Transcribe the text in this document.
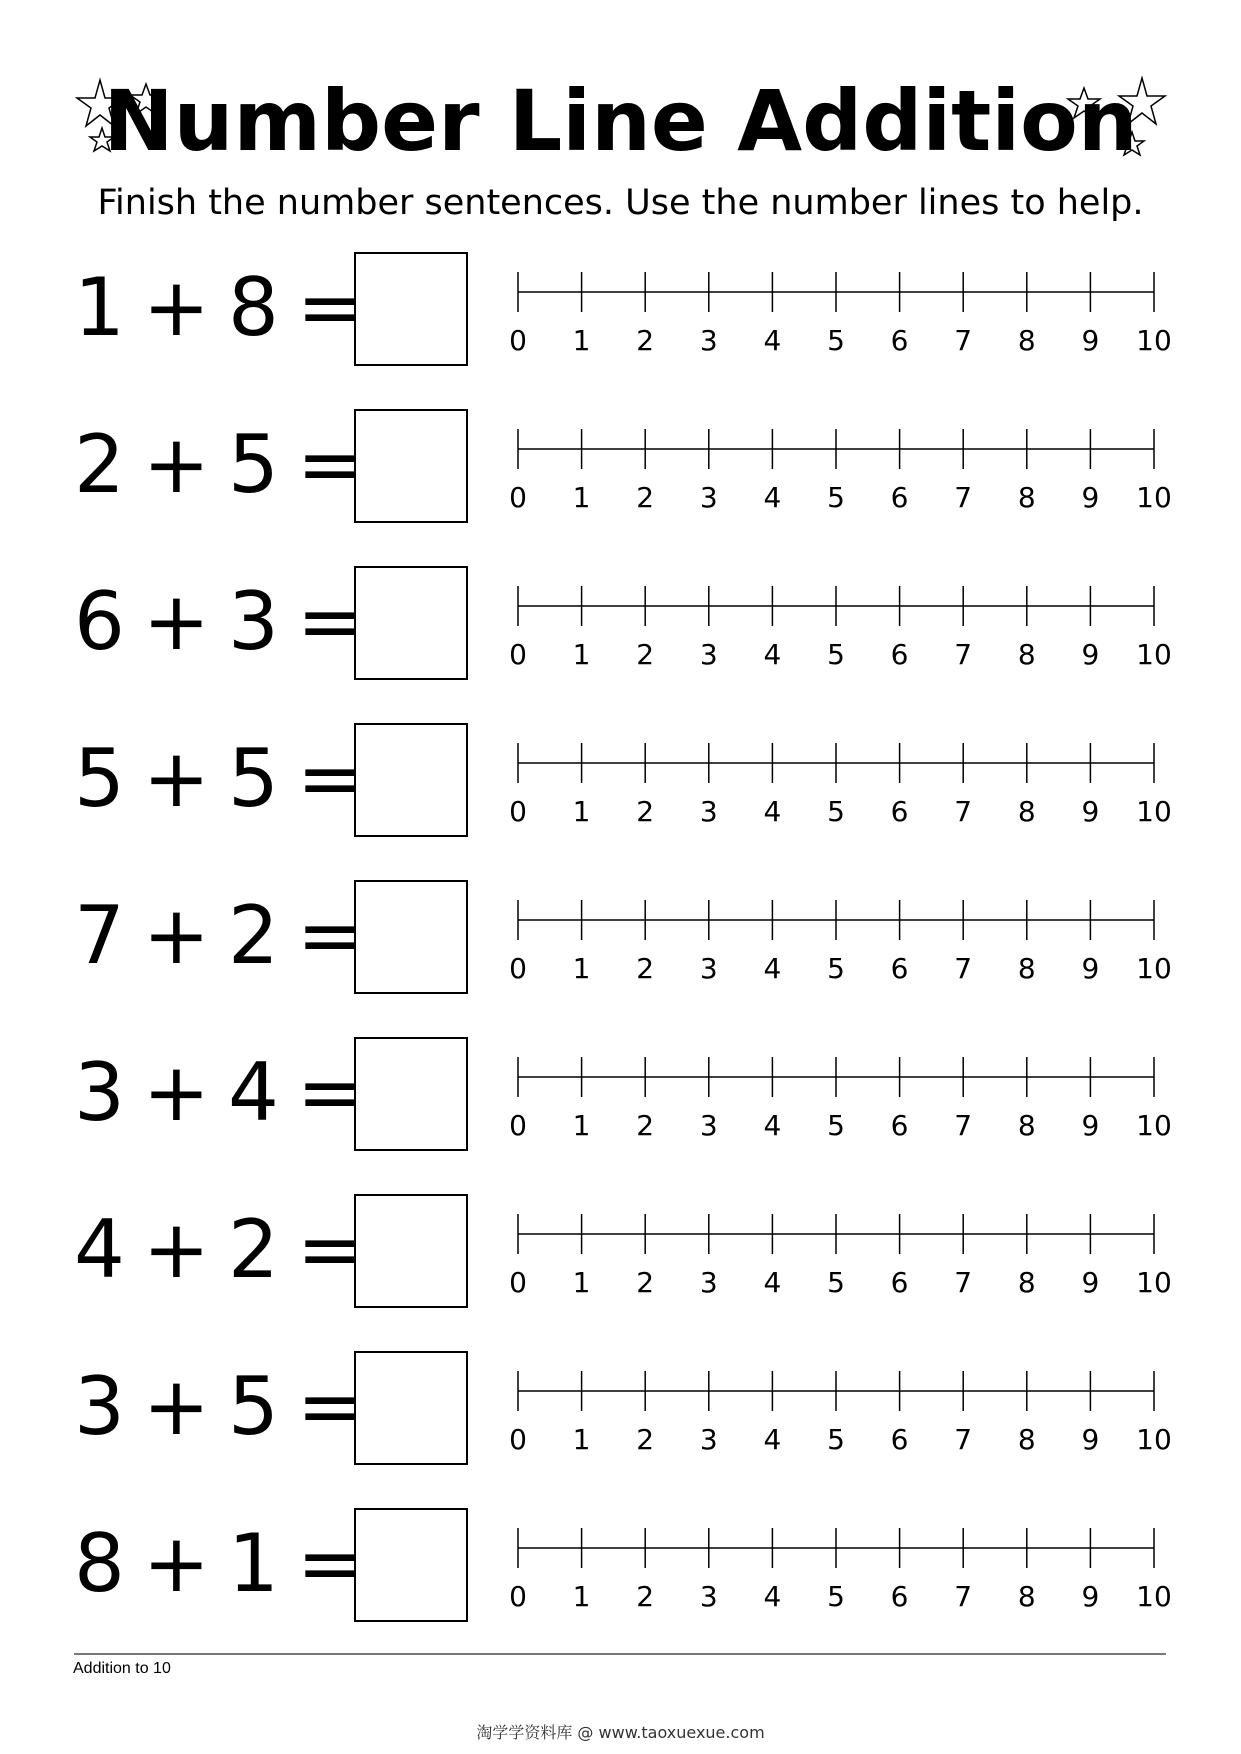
Number Line Addition
Finish the number sentences. Use the number lines to help.
1 + 8 =	0 1 2 3 4 5 6 7 8 9 10
2 + 5 =	0 1 2 3 4 5 6 7 8 9 10
6 + 3 =	0 1 2 3 4 5 6 7 8 9 10
5 + 5 =	0 1 2 3 4 5 6 7 8 9 10
7 + 2 =	0 1 2 3 4 5 6 7 8 9 10
3 + 4 =	0 1 2 3 4 5 6 7 8 9 10
4 + 2 =	0 1 2 3 4 5 6 7 8 9 10
3 + 5 =	0 1 2 3 4 5 6 7 8 9 10
8 + 1 =	0 1 2 3 4 5 6 7 8 9 10
Addition to 10
淘学学资料库 @ www.taoxuexue.com
